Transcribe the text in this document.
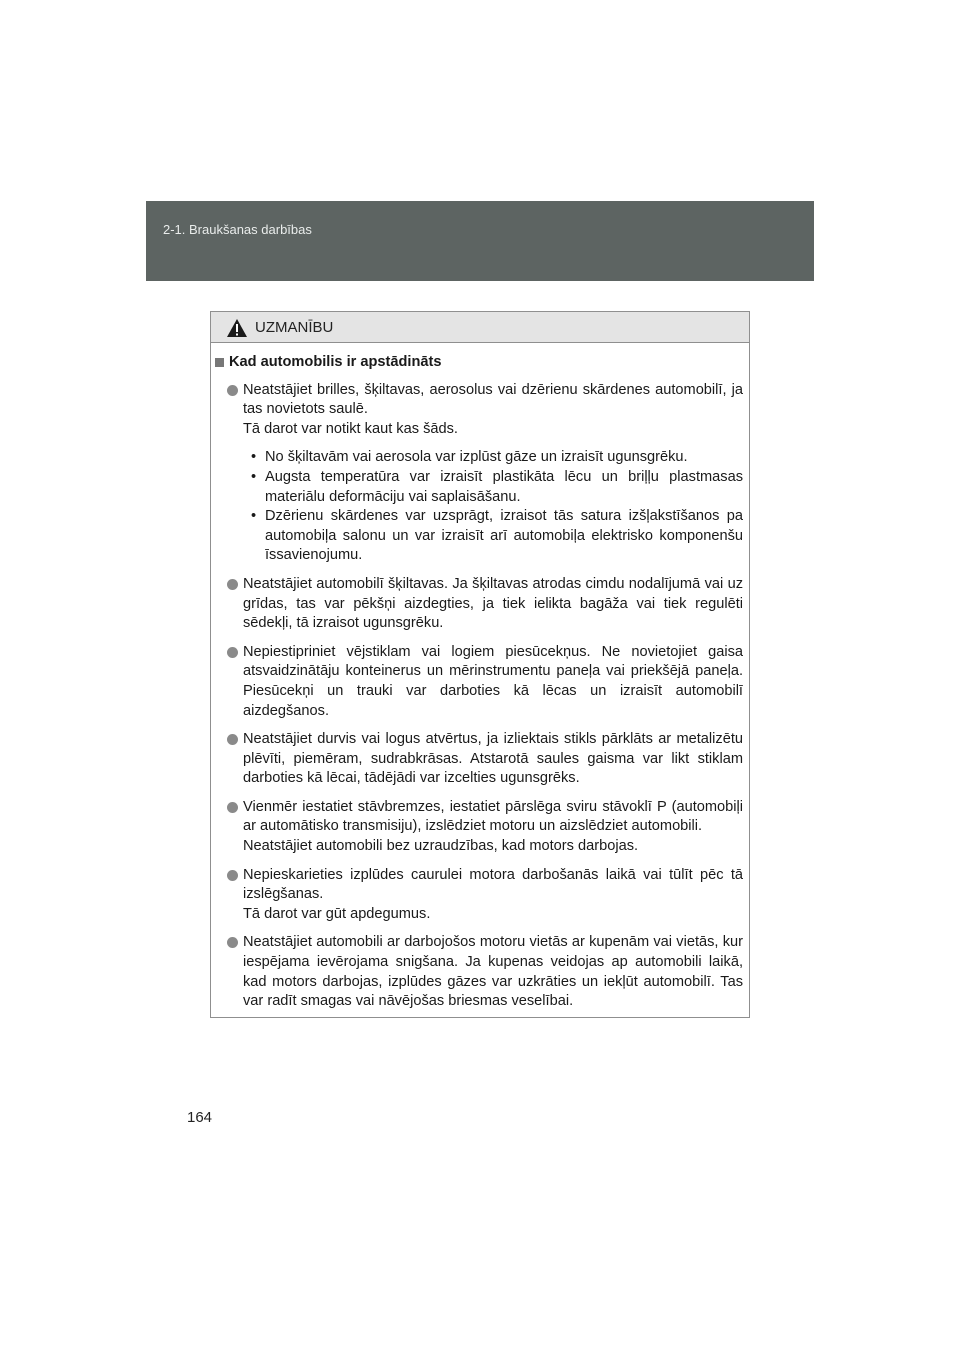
2-1. Braukšanas darbības
UZMANĪBU
Kad automobilis ir apstādināts
Neatstājiet brilles, šķiltavas, aerosolus vai dzērienu skārdenes automobilī, ja tas novietots saulē.
Tā darot var notikt kaut kas šāds.

• No šķiltavām vai aerosola var izplūst gāze un izraisīt ugunsgrēku.

• Augsta temperatūra var izraisīt plastikāta lēcu un briļļu plastmasas materiālu deformāciju vai saplaisāšanu.

• Dzērienu skārdenes var uzsprāgt, izraisot tās satura izšļakstīšanos pa automobiļa salonu un var izraisīt arī automobiļa elektrisko komponenšu īssavienojumu.

Neatstājiet automobilī šķiltavas. Ja šķiltavas atrodas cimdu nodalījumā vai uz grīdas, tas var pēkšņi aizdegties, ja tiek ielikta bagāža vai tiek regulēti sēdekļi, tā izraisot ugunsgrēku.
Nepiestipriniet vējstiklam vai logiem piesūcekņus. Ne novietojiet gaisa atsvaidzinātāju konteinerus un mērinstrumentu paneļa vai priekšējā paneļa. Piesūcekņi un trauki var darboties kā lēcas un izraisīt automobilī aizdegšanos.
Neatstājiet durvis vai logus atvērtus, ja izliektais stikls pārklāts ar metalizētu plēvīti, piemēram, sudrabkrāsas. Atstarotā saules gaisma var likt stiklam darboties kā lēcai, tādējādi var izcelties ugunsgrēks.
Vienmēr iestatiet stāvbremzes, iestatiet pārslēga sviru stāvoklī P (automobiļi ar automātisko transmisiju), izslēdziet motoru un aizslēdziet automobili.
Neatstājiet automobili bez uzraudzības, kad motors darbojas.
Nepieskarieties izplūdes caurulei motora darbošanās laikā vai tūlīt pēc tā izslēgšanas.
Tā darot var gūt apdegumus.
Neatstājiet automobili ar darbojošos motoru vietās ar kupenām vai vietās, kur iespējama ievērojama snigšana. Ja kupenas veidojas ap automobili laikā, kad motors darbojas, izplūdes gāzes var uzkrāties un iekļūt automobilī. Tas var radīt smagas vai nāvējošas briesmas veselībai.
164
